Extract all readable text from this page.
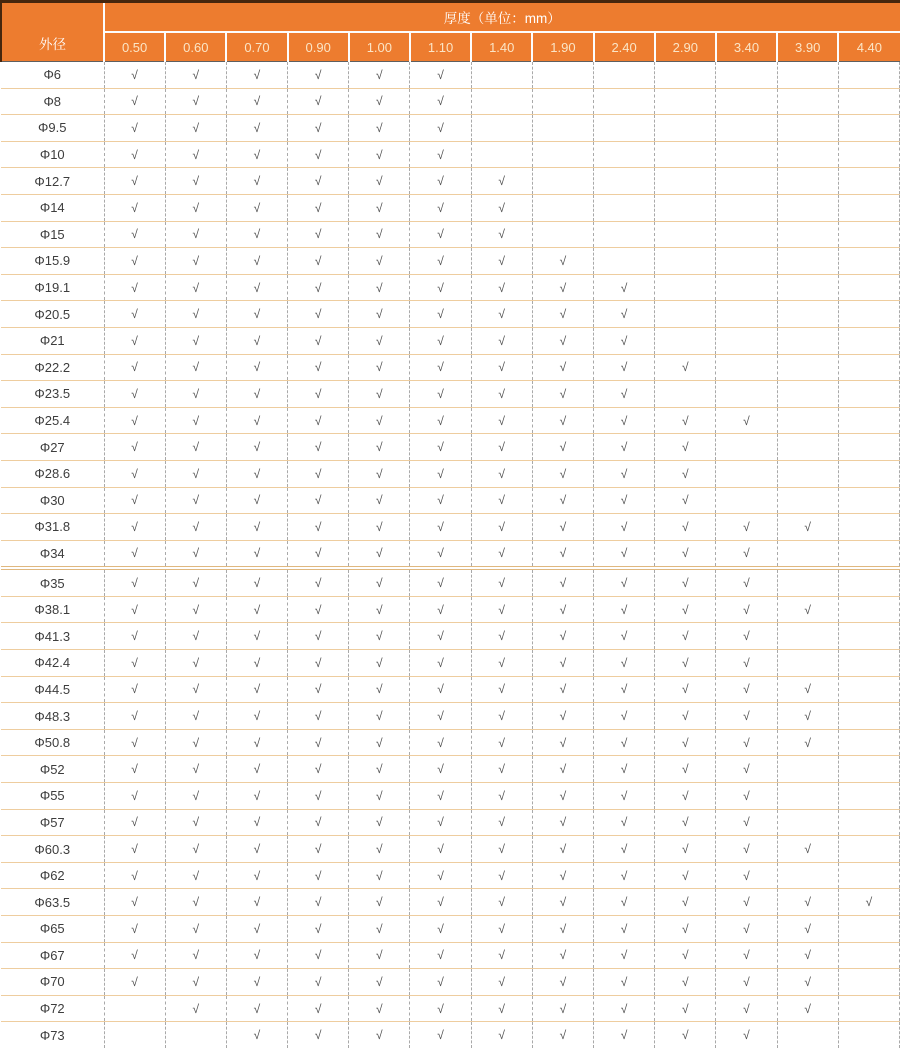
外径	厚度（单位：mm）												
	0.50	0.60	0.70	0.90	1.00	1.10	1.40	1.90	2.40	2.90	3.40	3.90	4.40
Φ6	√	√	√	√	√	√							
Φ8	√	√	√	√	√	√							
Φ9.5	√	√	√	√	√	√							
Φ10	√	√	√	√	√	√							
Φ12.7	√	√	√	√	√	√	√						
Φ14	√	√	√	√	√	√	√						
Φ15	√	√	√	√	√	√	√						
Φ15.9	√	√	√	√	√	√	√	√					
Φ19.1	√	√	√	√	√	√	√	√	√				
Φ20.5	√	√	√	√	√	√	√	√	√				
Φ21	√	√	√	√	√	√	√	√	√				
Φ22.2	√	√	√	√	√	√	√	√	√	√			
Φ23.5	√	√	√	√	√	√	√	√	√				
Φ25.4	√	√	√	√	√	√	√	√	√	√	√		
Φ27	√	√	√	√	√	√	√	√	√	√			
Φ28.6	√	√	√	√	√	√	√	√	√	√			
Φ30	√	√	√	√	√	√	√	√	√	√			
Φ31.8	√	√	√	√	√	√	√	√	√	√	√	√	
Φ34	√	√	√	√	√	√	√	√	√	√	√		
Φ35	√	√	√	√	√	√	√	√	√	√	√		
Φ38.1	√	√	√	√	√	√	√	√	√	√	√	√	
Φ41.3	√	√	√	√	√	√	√	√	√	√	√		
Φ42.4	√	√	√	√	√	√	√	√	√	√	√		
Φ44.5	√	√	√	√	√	√	√	√	√	√	√	√	
Φ48.3	√	√	√	√	√	√	√	√	√	√	√	√	
Φ50.8	√	√	√	√	√	√	√	√	√	√	√	√	
Φ52	√	√	√	√	√	√	√	√	√	√	√		
Φ55	√	√	√	√	√	√	√	√	√	√	√		
Φ57	√	√	√	√	√	√	√	√	√	√	√		
Φ60.3	√	√	√	√	√	√	√	√	√	√	√	√	
Φ62	√	√	√	√	√	√	√	√	√	√	√		
Φ63.5	√	√	√	√	√	√	√	√	√	√	√	√	√
Φ65	√	√	√	√	√	√	√	√	√	√	√	√	
Φ67	√	√	√	√	√	√	√	√	√	√	√	√	
Φ70	√	√	√	√	√	√	√	√	√	√	√	√	
Φ72		√	√	√	√	√	√	√	√	√	√	√	
Φ73			√	√	√	√	√	√	√	√	√		
